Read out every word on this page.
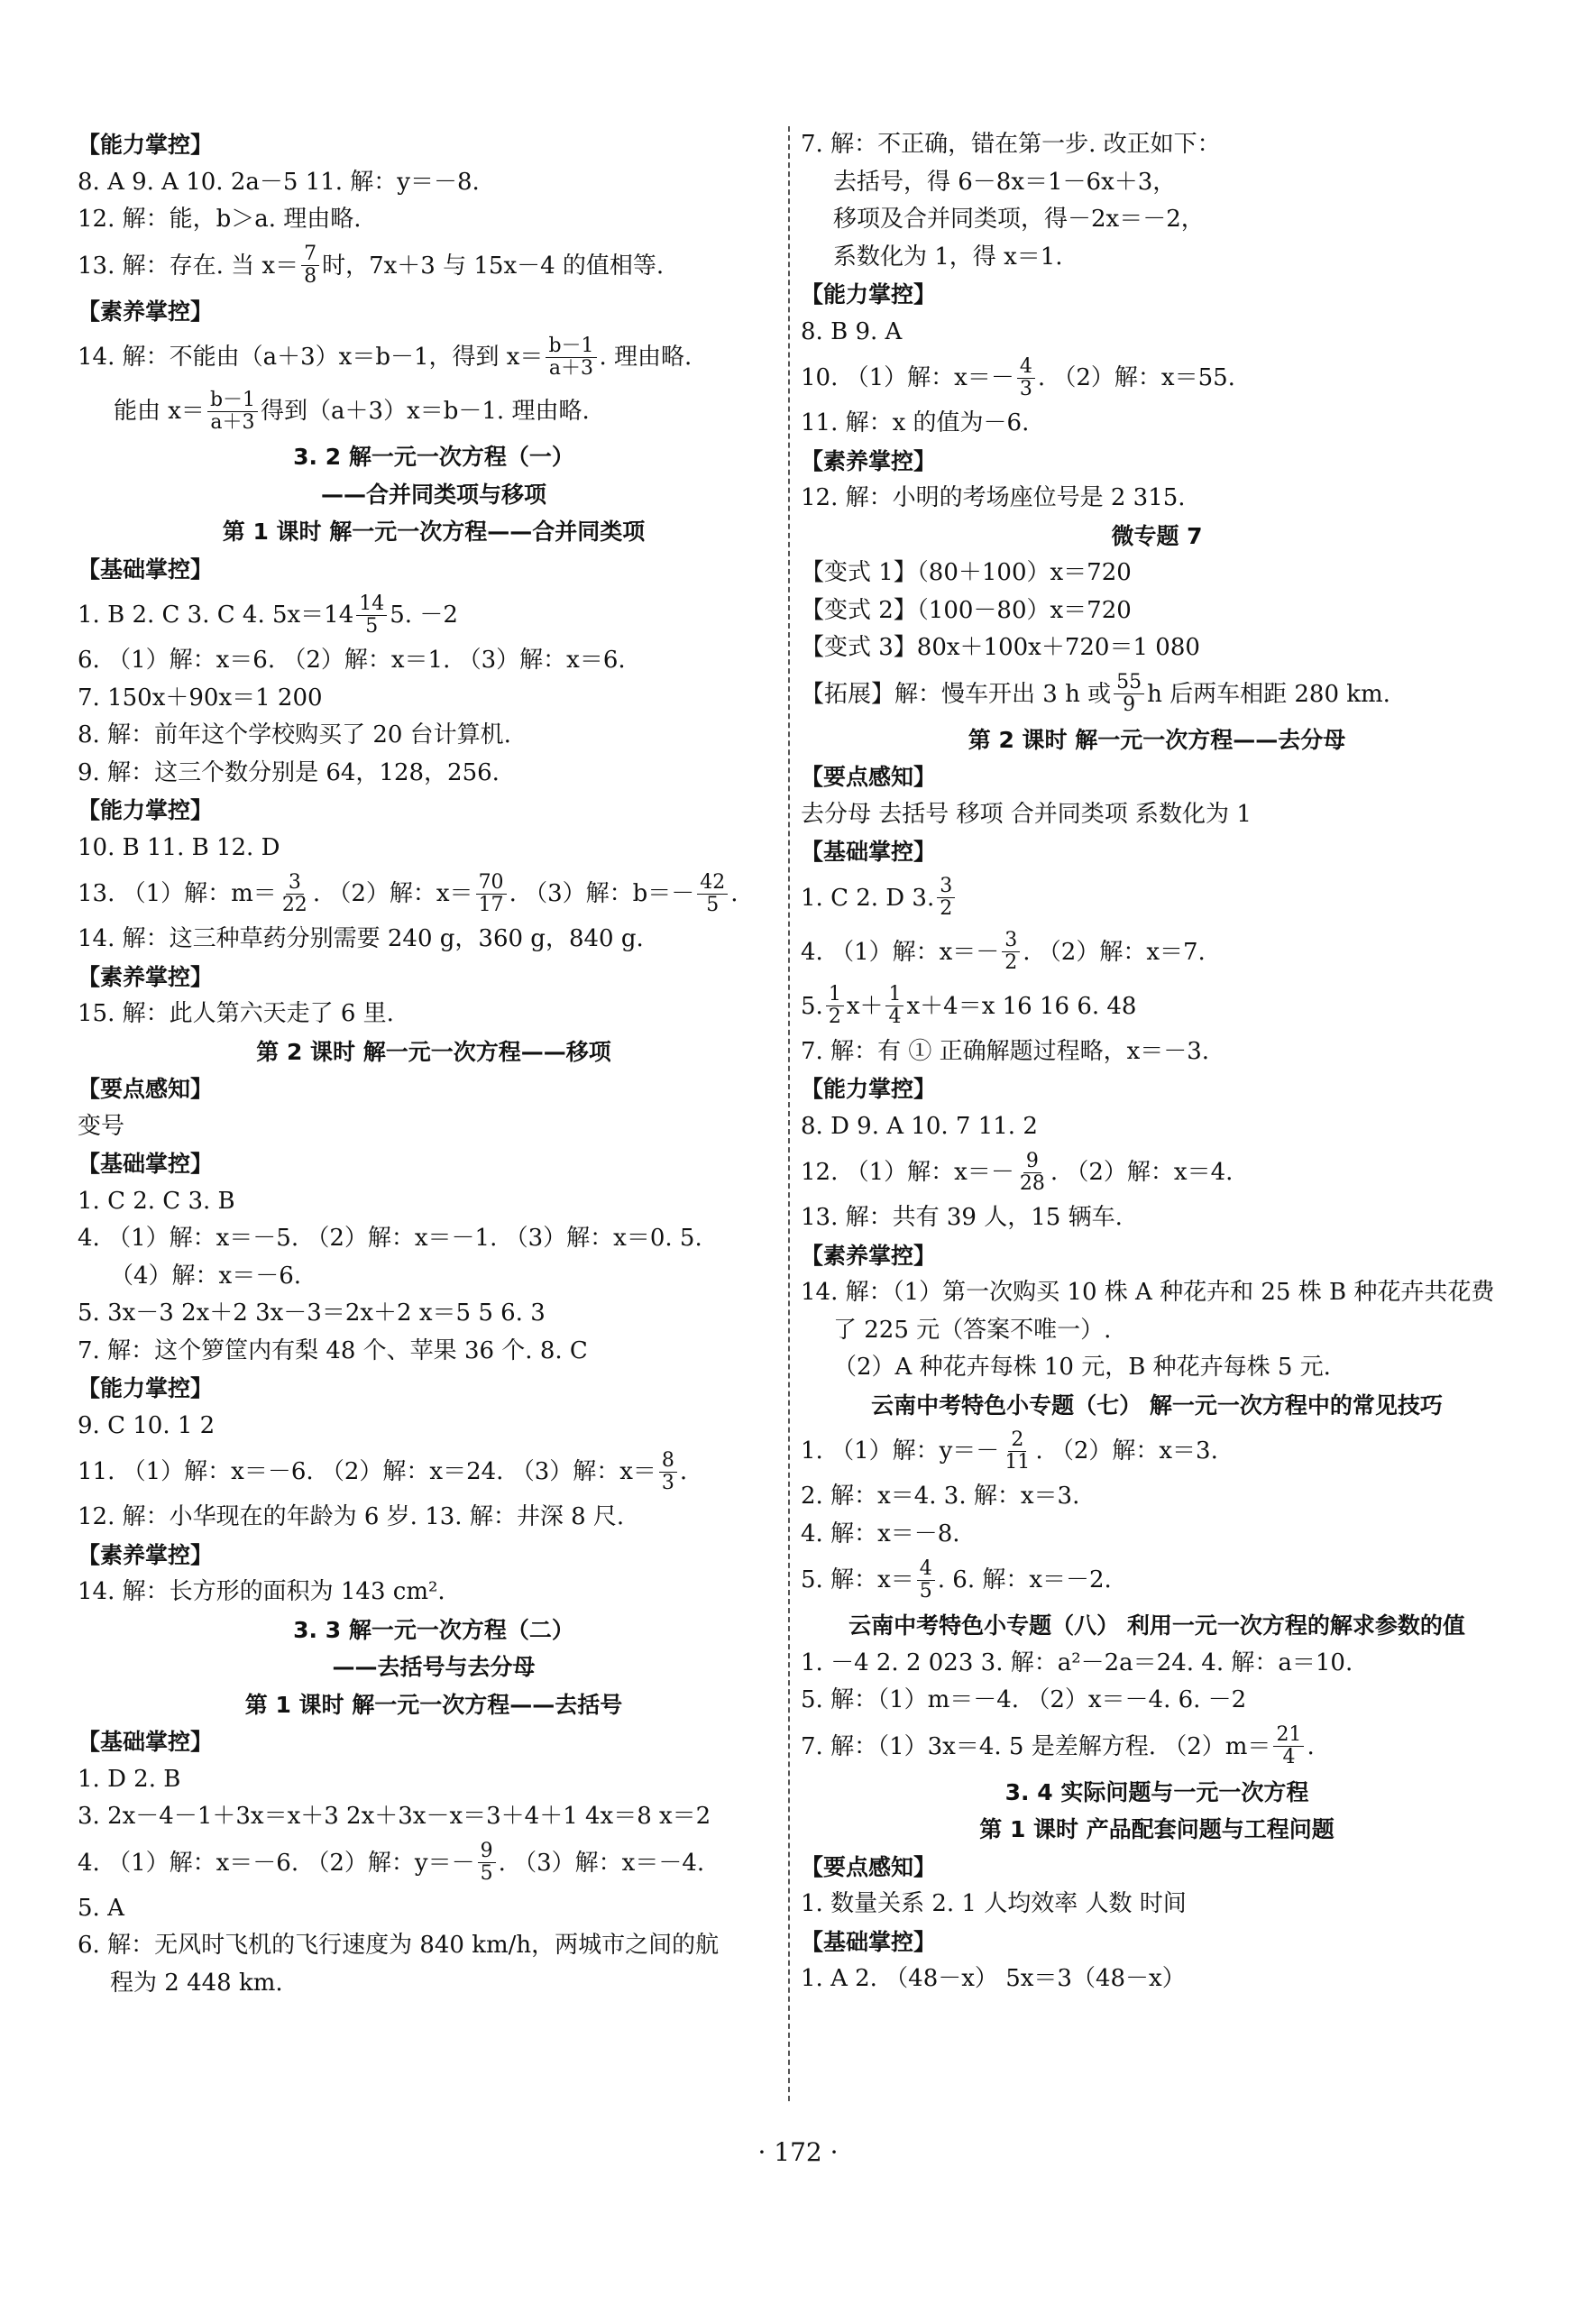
【能力掌控】
8. A 9. A 10. 2a－5 11. 解：y＝－8.
12. 解：能，b＞a. 理由略.
13. 解：存在. 当 $x= \frac{7}{8}$ 时，7x＋3 与 15x－4 的值相等.
【素养掌控】
14. 解：不能由（a＋3）x＝b－1，得到 $x= \frac{b-1}{a+3}$ . 理由略.
能由 $x= \frac{b-1}{a+3}$ 得到（a＋3）x＝b－1. 理由略.
3. 2 解一元一次方程（一）
——合并同类项与移项
第 1 课时 解一元一次方程——合并同类项
【基础掌控】
1. B 2. C 3. C 4. $5x=14 \frac{14}{5} 5$. －2
6. （1）解：x＝6. （2）解：x＝1. （3）解：x＝6.
7. 150x＋90x＝1 200
8. 解：前年这个学校购买了 20 台计算机.
9. 解：这三个数分别是 64，128，256.
【能力掌控】
10. B 11. B 12. D
13. （1）解：$m= \frac{3}{22}$ . （2）解：$x= \frac{70}{17}$ . （3）解：$b=- \frac{42}{5}$ .
14. 解：这三种草药分别需要 240 g，360 g，840 g.
【素养掌控】
15. 解：此人第六天走了 6 里.
第 2 课时 解一元一次方程——移项
【要点感知】
变号
【基础掌控】
1. C 2. C 3. B
4. （1）解：x＝－5. （2）解：x＝－1. （3）解：x＝0. 5.
（4）解：x＝－6.
5. 3x－3 2x＋2 3x－3＝2x＋2 x＝5 5 6. 3
7. 解：这个箩筐内有梨 48 个、苹果 36 个. 8. C
【能力掌控】
9. C 10. 1 2
11. （1）解：x＝－6. （2）解：x＝24. （3）解：$x= \frac{8}{3}$ .
12. 解：小华现在的年龄为 6 岁. 13. 解：井深 8 尺.
【素养掌控】
14. 解：长方形的面积为 143 cm².
3. 3 解一元一次方程（二）
——去括号与去分母
第 1 课时 解一元一次方程——去括号
【基础掌控】
1. D 2. B
3. 2x－4－1＋3x＝x＋3 2x＋3x－x＝3＋4＋1 4x＝8 x＝2
4. （1）解：x＝－6. （2）解：$y=- \frac{9}{5}$ . （3）解：x＝－4.
5. A
6. 解：无风时飞机的飞行速度为 840 km/h，两城市之间的航
程为 2 448 km.
7. 解：不正确，错在第一步. 改正如下：
去括号，得 6－8x＝1－6x＋3，
移项及合并同类项，得－2x＝－2，
系数化为 1，得 x＝1.
【能力掌控】
8. B 9. A
10. （1）解：$x=- \frac{4}{3}$ . （2）解：x＝55.
11. 解：x 的值为－6.
【素养掌控】
12. 解：小明的考场座位号是 2 315.
微专题 7
【变式 1】（80＋100）x＝720
【变式 2】（100－80）x＝720
【变式 3】80x＋100x＋720＝1 080
【拓展】解：慢车开出 3 h 或 $\frac{55}{9}$ h 后两车相距 280 km.
第 2 课时 解一元一次方程——去分母
【要点感知】
去分母 去括号 移项 合并同类项 系数化为 1
【基础掌控】
1. C 2. D 3. $\frac{3}{2}$
4. （1）解：$x=- \frac{3}{2}$ . （2）解：x＝7.
5. $\frac{1}{2} x+ \frac{1}{4} x+4=x$ 16 16 6. 48
7. 解：有 ① 正确解题过程略，x＝－3.
【能力掌控】
8. D 9. A 10. 7 11. 2
12. （1）解：$x=- \frac{9}{28}$ . （2）解：x＝4.
13. 解：共有 39 人，15 辆车.
【素养掌控】
14. 解：（1）第一次购买 10 株 A 种花卉和 25 株 B 种花卉共花费
了 225 元（答案不唯一）.
（2）A 种花卉每株 10 元，B 种花卉每株 5 元.
云南中考特色小专题（七） 解一元一次方程中的常见技巧
1. （1）解：$y=- \frac{2}{11}$ . （2）解：x＝3.
2. 解：x＝4. 3. 解：x＝3.
4. 解：x＝－8.
5. 解：$x= \frac{4}{5}$ . 6. 解：x＝－2.
云南中考特色小专题（八） 利用一元一次方程的解求参数的值
1. －4 2. 2 023 3. 解：a²－2a＝24. 4. 解：a＝10.
5. 解：（1）m＝－4. （2）x＝－4. 6. －2
7. 解：（1）3x＝4. 5 是差解方程. $(2)m= \frac{21}{4}$ .
3. 4 实际问题与一元一次方程
第 1 课时 产品配套问题与工程问题
【要点感知】
1. 数量关系 2. 1 人均效率 人数 时间
【基础掌控】
1. A 2. （48－x） 5x＝3（48－x）
· 172 ·
